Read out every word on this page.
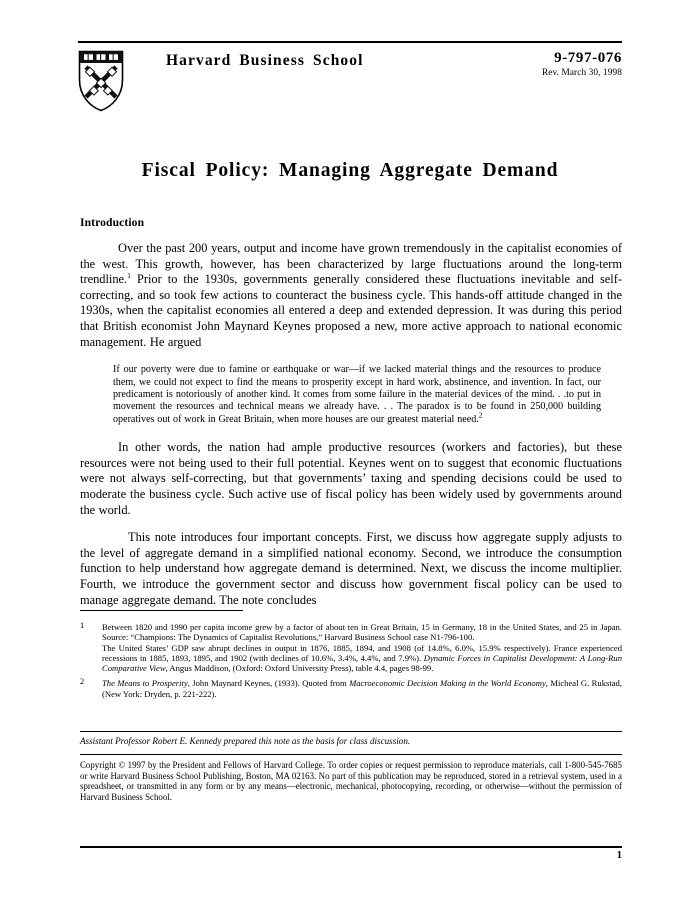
Harvard Business School	9-797-076
Rev. March 30, 1998
Fiscal Policy: Managing Aggregate Demand
Introduction

Over the past 200 years, output and income have grown tremendously in the capitalist economies of the west. This growth, however, has been characterized by large fluctuations around the long-term trendline.$^1$ Prior to the 1930s, governments generally considered these fluctuations inevitable and self-correcting, and so took few actions to counteract the business cycle. This hands-off attitude changed in the 1930s, when the capitalist economies all entered a deep and extended depression. It was during this period that British economist John Maynard Keynes proposed a new, more active approach to national economic management. He argued

If our poverty were due to famine or earthquake or war—if we lacked material things and the resources to produce them, we could not expect to find the means to prosperity except in hard work, abstinence, and invention. In fact, our predicament is notoriously of another kind. It comes from some failure in the material devices of the mind. . .to put in movement the resources and technical means we already have. . . The paradox is to be found in 250,000 building operatives out of work in Great Britain, when more houses are our greatest material need.$^2$

In other words, the nation had ample productive resources (workers and factories), but these resources were not being used to their full potential. Keynes went on to suggest that economic fluctuations were not always self-correcting, but that governments’ taxing and spending decisions could be used to moderate the business cycle. Such active use of fiscal policy has been widely used by governments around the world.

This note introduces four important concepts. First, we discuss how aggregate supply adjusts to the level of aggregate demand in a simplified national economy. Second, we introduce the consumption function to help understand how aggregate demand is determined. Next, we discuss the income multiplier. Fourth, we introduce the government sector and discuss how government fiscal policy can be used to manage aggregate demand. The note concludes

1 Between 1820 and 1990 per capita income grew by a factor of about ten in Great Britain, 15 in Germany, 18 in the United States, and 25 in Japan. Source: “Champions: The Dynamics of Capitalist Revolutions,” Harvard Business School case N1-796-100.
The United States’ GDP saw abrupt declines in output in 1876, 1885, 1894, and 1908 (of 14.8%, 6.0%, 15.9% respectively). France experienced recessions in 1885, 1893, 1895, and 1902 (with declines of 10.6%, 3.4%, 4.4%, and 7.9%). Dynamic Forces in Capitalist Development: A Long-Run Comparative View, Angus Maddison, (Oxford: Oxford University Press), table 4.4, pages 98-99.
2 The Means to Prosperity, John Maynard Keynes, (1933). Quoted from Macroeconomic Decision Making in the World Economy, Micheal G. Rukstad, (New York: Dryden, p. 221-222).
Assistant Professor Robert E. Kennedy prepared this note as the basis for class discussion.
Copyright © 1997 by the President and Fellows of Harvard College. To order copies or request permission to reproduce materials, call 1-800-545-7685 or write Harvard Business School Publishing, Boston, MA 02163. No part of this publication may be reproduced, stored in a retrieval system, used in a spreadsheet, or transmitted in any form or by any means—electronic, mechanical, photocopying, recording, or otherwise—without the permission of Harvard Business School.
1
